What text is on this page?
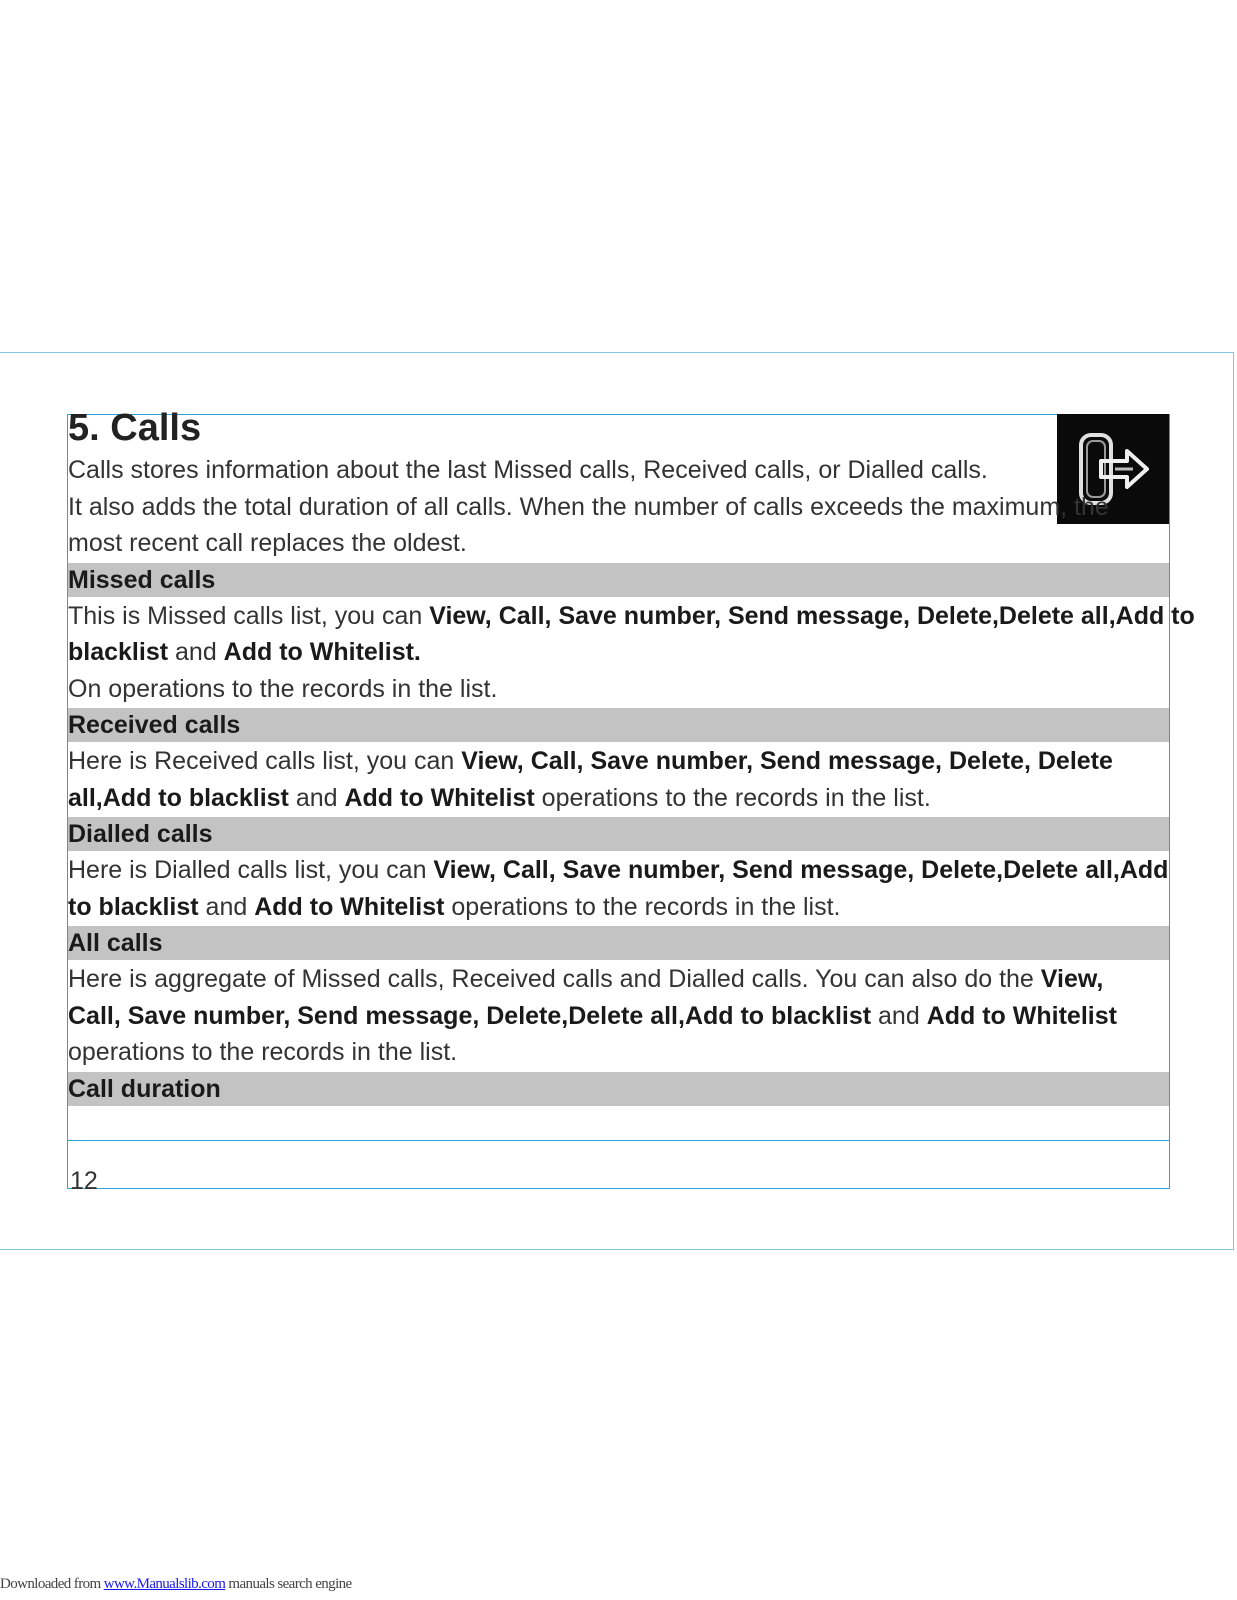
5. Calls

Calls stores information about the last Missed calls, Received calls, or Dialled calls.

It also adds the total duration of all calls. When the number of calls exceeds the maximum, the most recent call replaces the oldest.

Missed calls

This is Missed calls list, you can View, Call, Save number, Send message, Delete,Delete all,Add to blacklist and Add to Whitelist.

On operations to the records in the list.

Received calls

Here is Received calls list, you can View, Call, Save number, Send message, Delete, Delete all,Add to blacklist and Add to Whitelist operations to the records in the list.

Dialled calls

Here is Dialled calls list, you can View, Call, Save number, Send message, Delete,Delete all,Add to blacklist and Add to Whitelist operations to the records in the list.

All calls

Here is aggregate of Missed calls, Received calls and Dialled calls. You can also do the View, Call, Save number, Send message, Delete,Delete all,Add to blacklist and Add to Whitelist operations to the records in the list.

Call duration
12
Downloaded from www.Manualslib.com manuals search engine
